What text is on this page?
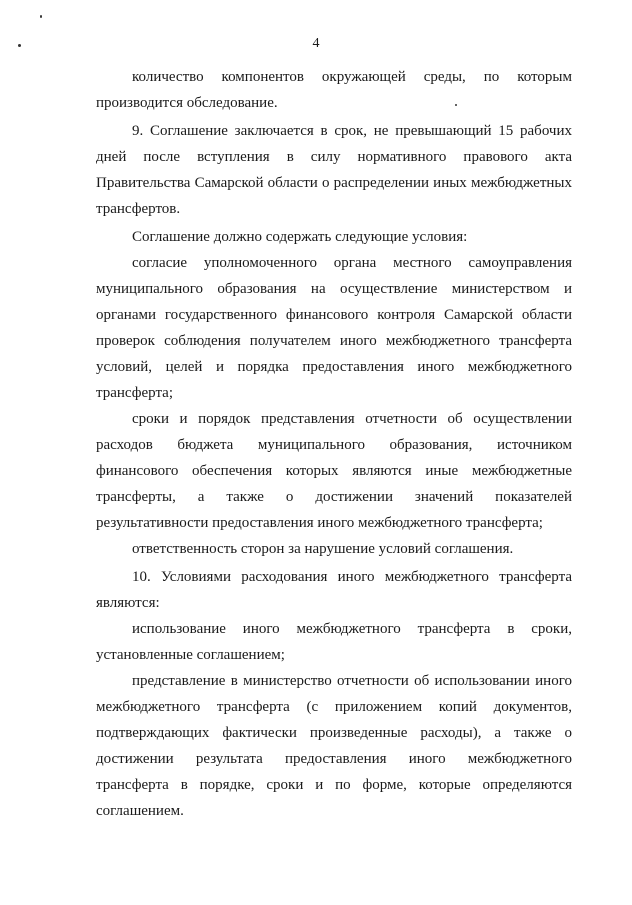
4

количество компонентов окружающей среды, по которым производится обследование.

9. Соглашение заключается в срок, не превышающий 15 рабочих дней после вступления в силу нормативного правового акта Правительства Самарской области о распределении иных межбюджетных трансфертов.

Соглашение должно содержать следующие условия:

согласие уполномоченного органа местного самоуправления муниципального образования на осуществление министерством и органами государственного финансового контроля Самарской области проверок соблюдения получателем иного межбюджетного трансферта условий, целей и порядка предоставления иного межбюджетного трансферта;

сроки и порядок представления отчетности об осуществлении расходов бюджета муниципального образования, источником финансового обеспечения которых являются иные межбюджетные трансферты, а также о достижении значений показателей результативности предоставления иного межбюджетного трансферта;

ответственность сторон за нарушение условий соглашения.

10. Условиями расходования иного межбюджетного трансферта являются:

использование иного межбюджетного трансферта в сроки, установленные соглашением;

представление в министерство отчетности об использовании иного межбюджетного трансферта (с приложением копий документов, подтверждающих фактически произведенные расходы), а также о достижении результата предоставления иного межбюджетного трансферта в порядке, сроки и по форме, которые определяются соглашением.
